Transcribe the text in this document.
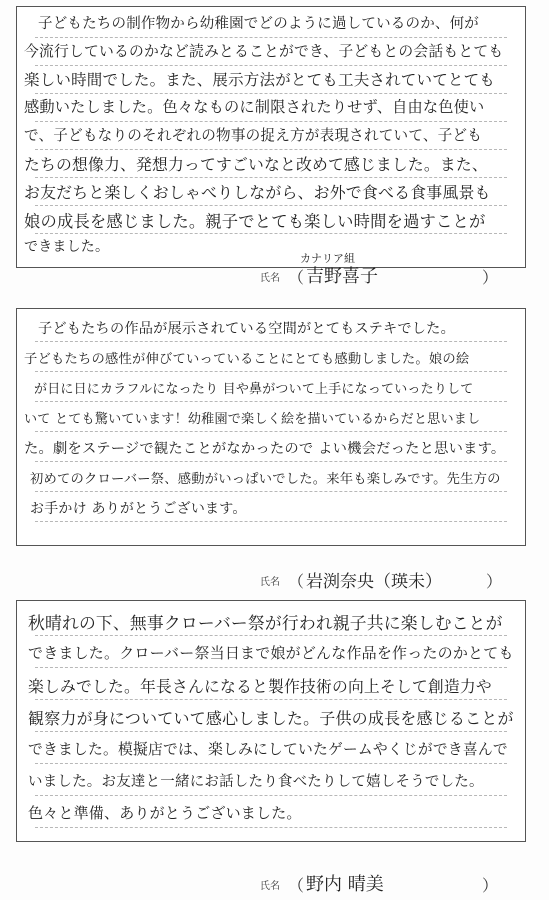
子どもたちの制作物から幼稚園でどのように過しているのか、何が
今流行しているのかなど読みとることができ、子どもとの会話もとても
楽しい時間でした。また、展示方法がとても工夫されていてとても
感動いたしました。色々なものに制限されたりせず、自由な色使い
で、子どもなりのそれぞれの物事の捉え方が表現されていて、子ども
たちの想像力、発想力ってすごいなと改めて感じました。また、
お友だちと楽しくおしゃべりしながら、お外で食べる食事風景も
娘の成長を感じました。親子でとても楽しい時間を過すことが
できました。
氏名 （
カナリア組
吉野喜子	）
子どもたちの作品が展示されている空間がとてもステキでした。
子どもたちの感性が伸びていっていることにとても感動しました。娘の絵
が日に日にカラフルになったり 目や鼻がついて上手になっていったりして
いて とても驚いています！幼稚園で楽しく絵を描いているからだと思いまし
た。劇をステージで観たことがなかったので よい機会だったと思います。
初めてのクローバー祭、感動がいっぱいでした。来年も楽しみです。先生方の
お手かけ ありがとうございます。
氏名 （ 岩渕奈央（瑛未）	）
秋晴れの下、無事クローバー祭が行われ親子共に楽しむことが
できました。クローバー祭当日まで娘がどんな作品を作ったのかとても
楽しみでした。年長さんになると製作技術の向上そして創造力や
観察力が身についていて感心しました。子供の成長を感じることが
できました。模擬店では、楽しみにしていたゲームやくじができ喜んで
いました。お友達と一緒にお話したり食べたりして嬉しそうでした。
色々と準備、ありがとうございました。
氏名 （ 野内 晴美	）
